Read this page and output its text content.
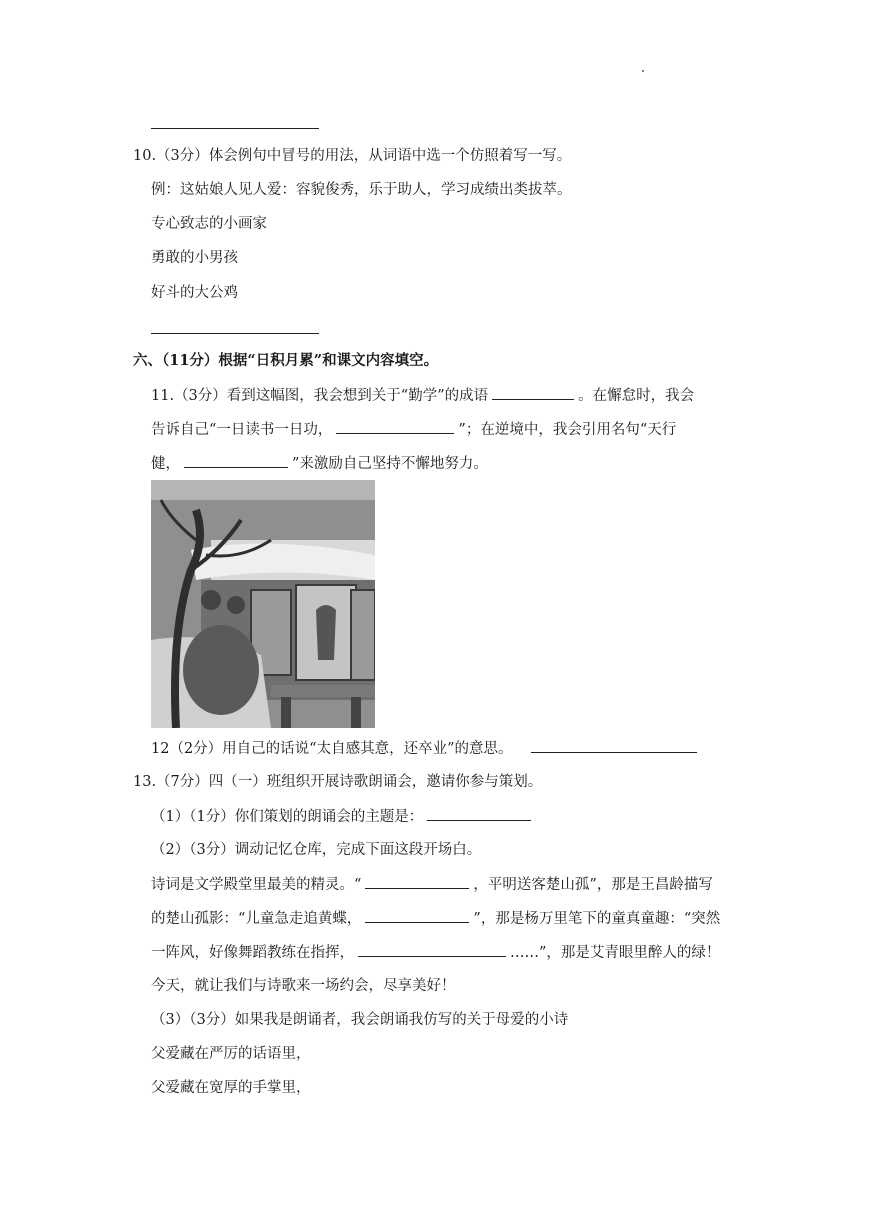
10.（3分）体会例句中冒号的用法，从词语中选一个仿照着写一写。
例：这姑娘人见人爱：容貌俊秀，乐于助人，学习成绩出类拔萃。
专心致志的小画家
勇敢的小男孩
好斗的大公鸡
六、（11分）根据“日积月累”和课文内容填空。
11.（3分）看到这幅图，我会想到关于“勤学”的成语	。在懈怠时，我会
告诉自己“一日读书一日功，	”；在逆境中，我会引用名句“天行
健，	”来激励自己坚持不懈地努力。
12（2分）用自己的话说“太自感其意，还卒业”的意思。
13.（7分）四（一）班组织开展诗歌朗诵会，邀请你参与策划。
（1）（1分）你们策划的朗诵会的主题是：
（2）（3分）调动记忆仓库，完成下面这段开场白。
诗词是文学殿堂里最美的精灵。“	，平明送客楚山孤”，那是王昌龄描写
的楚山孤影：“儿童急走追黄蝶，	”，那是杨万里笔下的童真童趣：“突然
一阵风，好像舞蹈教练在指挥，	……”，那是艾青眼里醉人的绿！
今天，就让我们与诗歌来一场约会，尽享美好！
（3）（3分）如果我是朗诵者，我会朗诵我仿写的关于母爱的小诗
父爱藏在严厉的话语里，
父爱藏在宽厚的手掌里，
